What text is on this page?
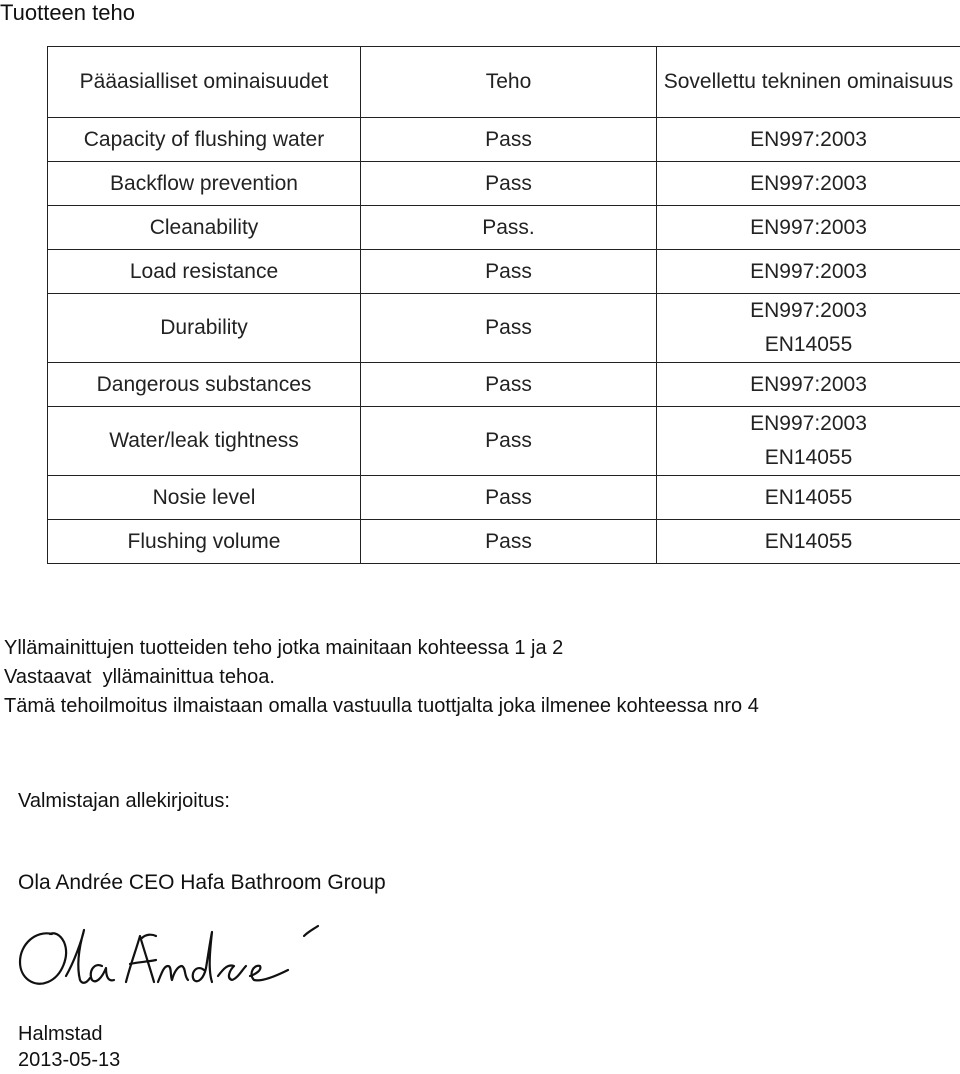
Tuotteen teho
Pääasialliset ominaisuudet	Teho	Sovellettu tekninen ominaisuus
Capacity of flushing water	Pass	EN997:2003
Backflow prevention	Pass	EN997:2003
Cleanability	Pass.	EN997:2003
Load resistance	Pass	EN997:2003
Durability	Pass	EN997:2003
EN14055

Dangerous substances	Pass	EN997:2003
Water/leak tightness	Pass	EN997:2003
EN14055

Nosie level	Pass	EN14055
Flushing volume	Pass	EN14055
Yllämainittujen tuotteiden teho jotka mainitaan kohteessa 1 ja 2
Vastaavat  yllämainittua tehoa.
Tämä tehoilmoitus ilmaistaan omalla vastuulla tuottjalta joka ilmenee kohteessa nro 4
Valmistajan allekirjoitus:
Ola Andrée CEO Hafa Bathroom Group
Halmstad
2013-05-13
